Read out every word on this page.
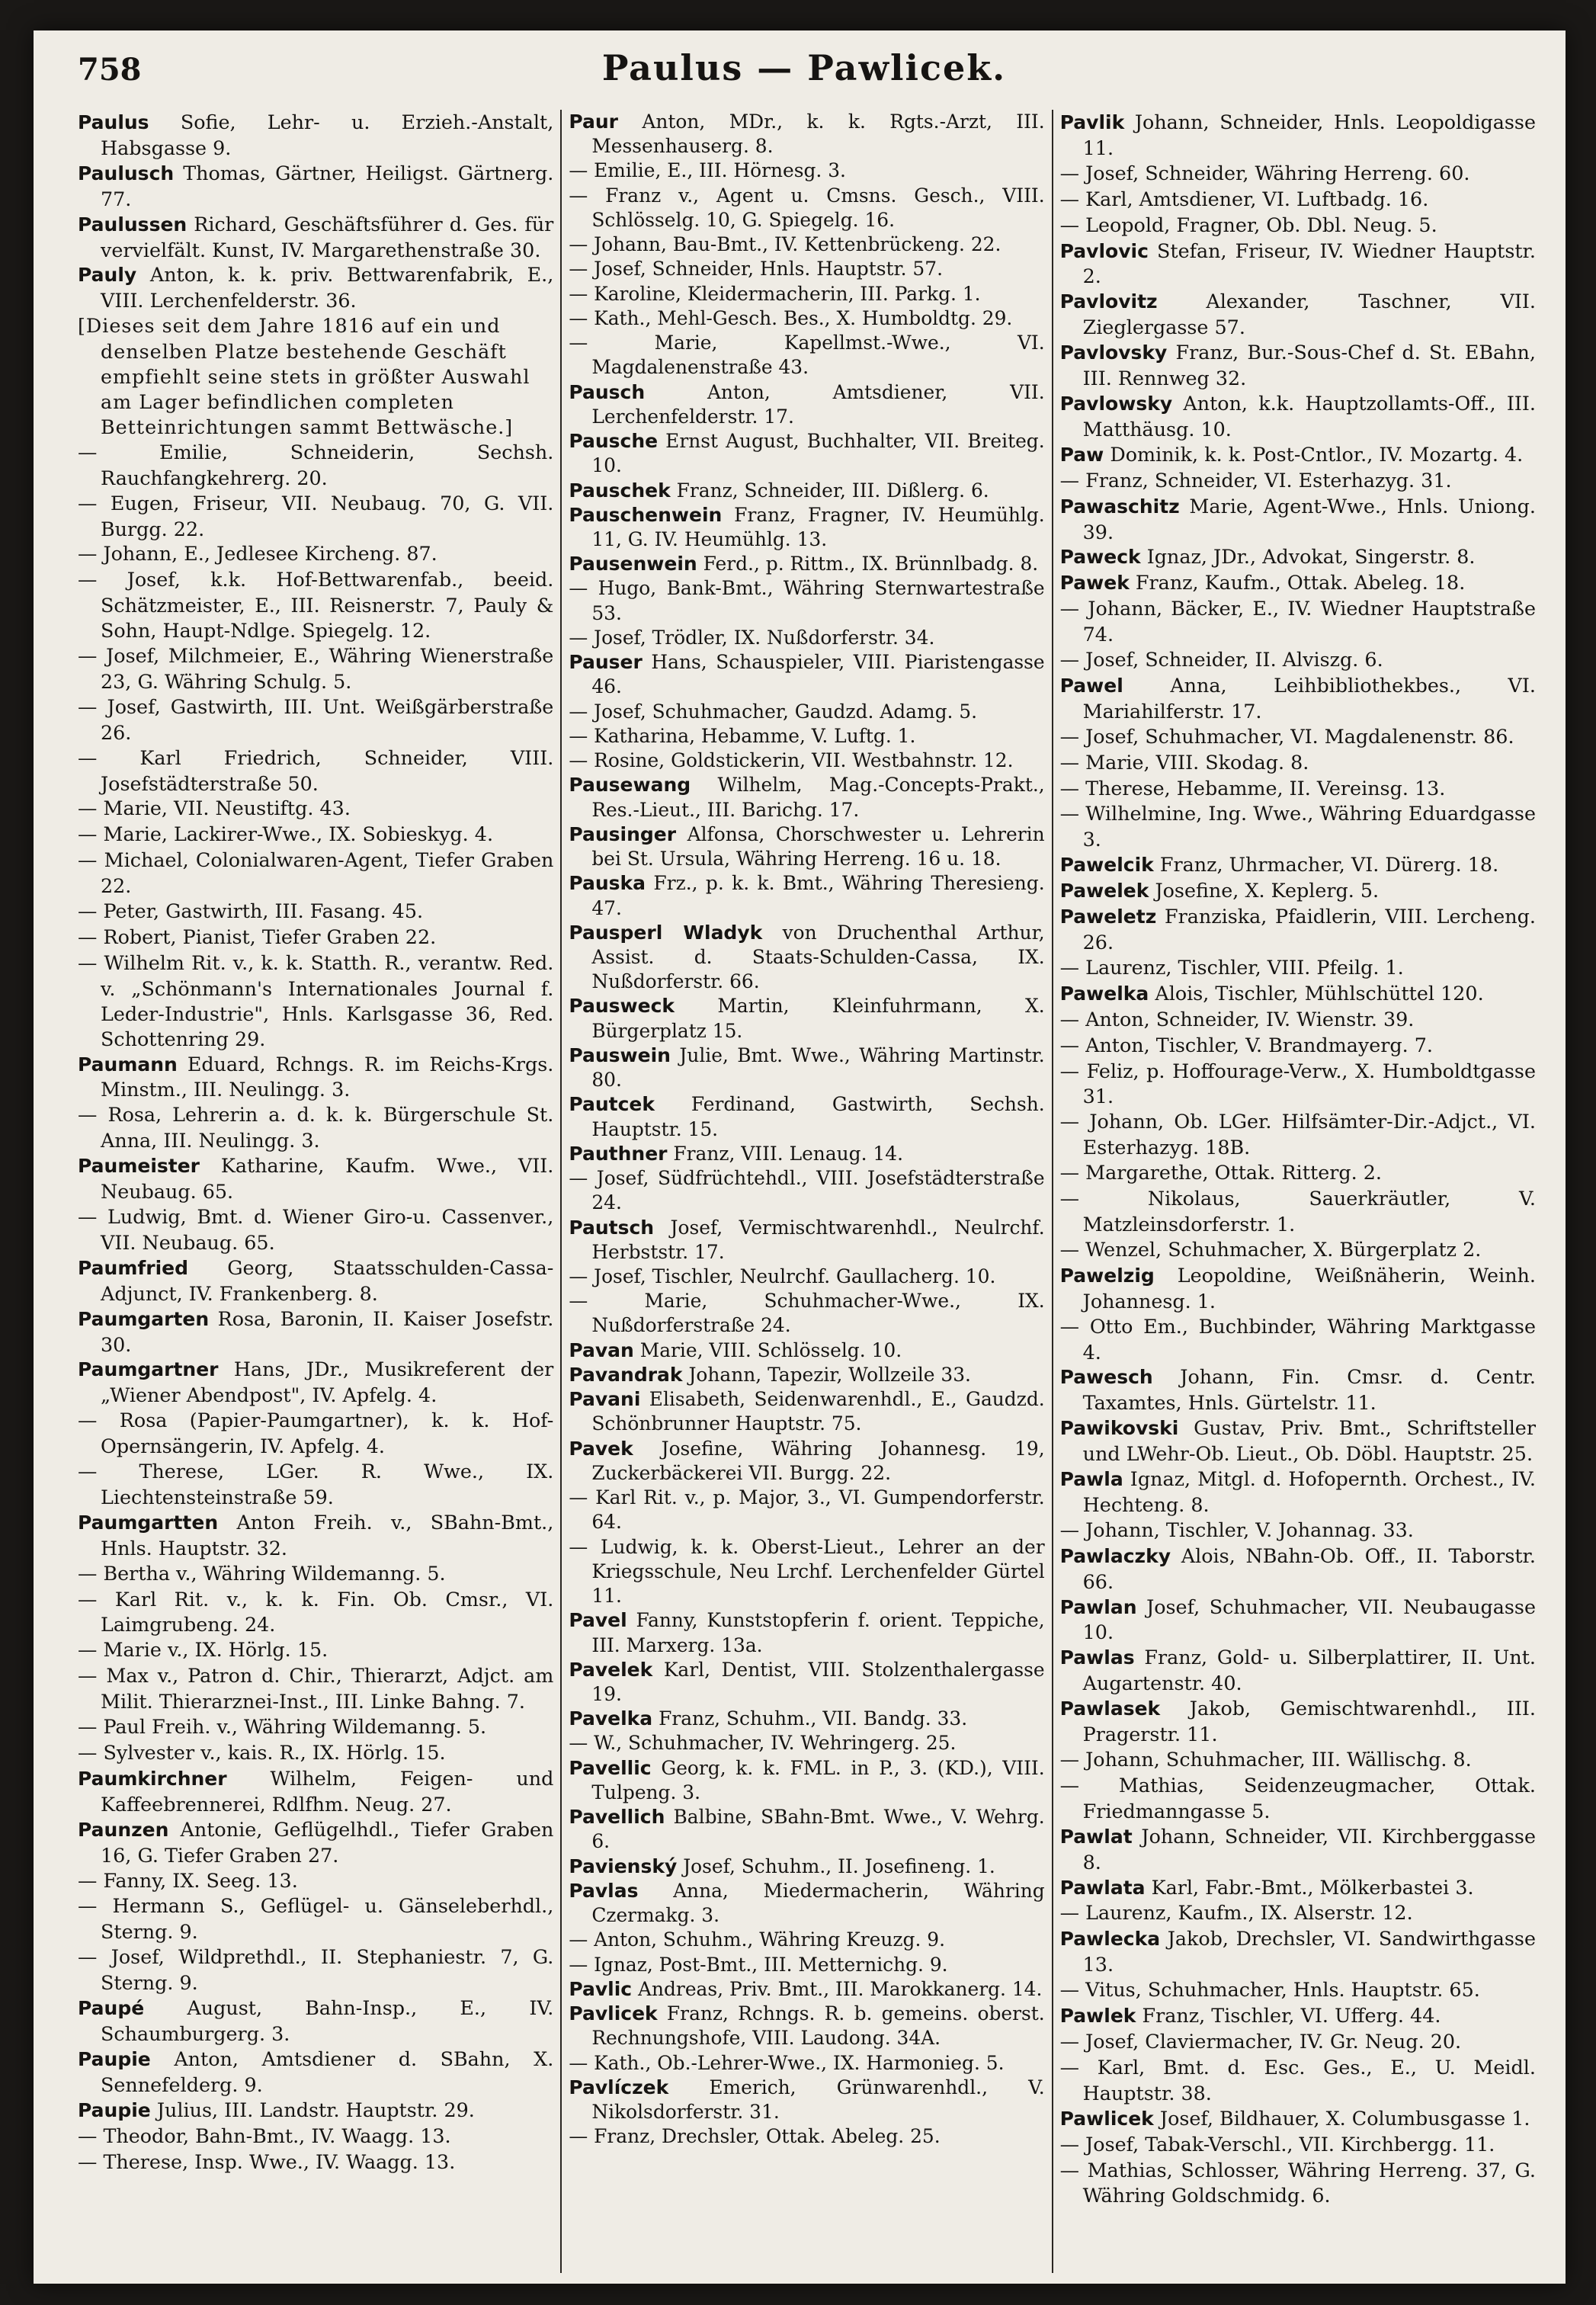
758	Paulus — Pawlicek.

Paulus Sofie, Lehr- u. Erzieh.-Anstalt, Habsgasse 9.

Paulusch Thomas, Gärtner, Heiligst. Gärtnerg. 77.

Paulussen Richard, Geschäftsführer d. Ges. für vervielfält. Kunst, IV. Margarethenstraße 30.

Pauly Anton, k. k. priv. Bettwarenfabrik, E., VIII. Lerchenfelderstr. 36.

[Dieses seit dem Jahre 1816 auf ein und denselben Platze bestehende Geschäft empfiehlt seine stets in größter Auswahl am Lager befindlichen completen Betteinrichtungen sammt Bettwäsche.]

— Emilie, Schneiderin, Sechsh. Rauchfangkehrerg. 20.

— Eugen, Friseur, VII. Neubaug. 70, G. VII. Burgg. 22.

— Johann, E., Jedlesee Kircheng. 87.

— Josef, k.k. Hof-Bettwarenfab., beeid. Schätzmeister, E., III. Reisnerstr. 7, Pauly & Sohn, Haupt-Ndlge. Spiegelg. 12.

— Josef, Milchmeier, E., Währing Wienerstraße 23, G. Währing Schulg. 5.

— Josef, Gastwirth, III. Unt. Weißgärberstraße 26.

— Karl Friedrich, Schneider, VIII. Josefstädterstraße 50.

— Marie, VII. Neustiftg. 43.

— Marie, Lackirer-Wwe., IX. Sobieskyg. 4.

— Michael, Colonialwaren-Agent, Tiefer Graben 22.

— Peter, Gastwirth, III. Fasang. 45.

— Robert, Pianist, Tiefer Graben 22.

— Wilhelm Rit. v., k. k. Statth. R., verantw. Red. v. „Schönmann's Internationales Journal f. Leder-Industrie", Hnls. Karlsgasse 36, Red. Schottenring 29.

Paumann Eduard, Rchngs. R. im Reichs-Krgs. Minstm., III. Neulingg. 3.

— Rosa, Lehrerin a. d. k. k. Bürgerschule St. Anna, III. Neulingg. 3.

Paumeister Katharine, Kaufm. Wwe., VII. Neubaug. 65.

— Ludwig, Bmt. d. Wiener Giro-u. Cassenver., VII. Neubaug. 65.

Paumfried Georg, Staatsschulden-Cassa-Adjunct, IV. Frankenberg. 8.

Paumgarten Rosa, Baronin, II. Kaiser Josefstr. 30.

Paumgartner Hans, JDr., Musikreferent der „Wiener Abendpost", IV. Apfelg. 4.

— Rosa (Papier-Paumgartner), k. k. Hof-Opernsängerin, IV. Apfelg. 4.

— Therese, LGer. R. Wwe., IX. Liechtensteinstraße 59.

Paumgartten Anton Freih. v., SBahn-Bmt., Hnls. Hauptstr. 32.

— Bertha v., Währing Wildemanng. 5.

— Karl Rit. v., k. k. Fin. Ob. Cmsr., VI. Laimgrubeng. 24.

— Marie v., IX. Hörlg. 15.

— Max v., Patron d. Chir., Thierarzt, Adjct. am Milit. Thierarznei-Inst., III. Linke Bahng. 7.

— Paul Freih. v., Währing Wildemanng. 5.

— Sylvester v., kais. R., IX. Hörlg. 15.

Paumkirchner Wilhelm, Feigen- und Kaffeebrennerei, Rdlfhm. Neug. 27.

Paunzen Antonie, Geflügelhdl., Tiefer Graben 16, G. Tiefer Graben 27.

— Fanny, IX. Seeg. 13.

— Hermann S., Geflügel- u. Gänseleberhdl., Sterng. 9.

— Josef, Wildprethdl., II. Stephaniestr. 7, G. Sterng. 9.

Paupé August, Bahn-Insp., E., IV. Schaumburgerg. 3.

Paupie Anton, Amtsdiener d. SBahn, X. Sennefelderg. 9.

Paupie Julius, III. Landstr. Hauptstr. 29.

— Theodor, Bahn-Bmt., IV. Waagg. 13.

— Therese, Insp. Wwe., IV. Waagg. 13.

Paur Anton, MDr., k. k. Rgts.-Arzt, III. Messenhauserg. 8.

— Emilie, E., III. Hörnesg. 3.

— Franz v., Agent u. Cmsns. Gesch., VIII. Schlösselg. 10, G. Spiegelg. 16.

— Johann, Bau-Bmt., IV. Kettenbrückeng. 22.

— Josef, Schneider, Hnls. Hauptstr. 57.

— Karoline, Kleidermacherin, III. Parkg. 1.

— Kath., Mehl-Gesch. Bes., X. Humboldtg. 29.

— Marie, Kapellmst.-Wwe., VI. Magdalenenstraße 43.

Pausch Anton, Amtsdiener, VII. Lerchenfelderstr. 17.

Pausche Ernst August, Buchhalter, VII. Breiteg. 10.

Pauschek Franz, Schneider, III. Dißlerg. 6.

Pauschenwein Franz, Fragner, IV. Heumühlg. 11, G. IV. Heumühlg. 13.

Pausenwein Ferd., p. Rittm., IX. Brünnlbadg. 8.

— Hugo, Bank-Bmt., Währing Sternwartestraße 53.

— Josef, Trödler, IX. Nußdorferstr. 34.

Pauser Hans, Schauspieler, VIII. Piaristengasse 46.

— Josef, Schuhmacher, Gaudzd. Adamg. 5.

— Katharina, Hebamme, V. Luftg. 1.

— Rosine, Goldstickerin, VII. Westbahnstr. 12.

Pausewang Wilhelm, Mag.-Concepts-Prakt., Res.-Lieut., III. Barichg. 17.

Pausinger Alfonsa, Chorschwester u. Lehrerin bei St. Ursula, Währing Herreng. 16 u. 18.

Pauska Frz., p. k. k. Bmt., Währing Theresieng. 47.

Pausperl Wladyk von Druchenthal Arthur, Assist. d. Staats-Schulden-Cassa, IX. Nußdorferstr. 66.

Pausweck Martin, Kleinfuhrmann, X. Bürgerplatz 15.

Pauswein Julie, Bmt. Wwe., Währing Martinstr. 80.

Pautcek Ferdinand, Gastwirth, Sechsh. Hauptstr. 15.

Pauthner Franz, VIII. Lenaug. 14.

— Josef, Südfrüchtehdl., VIII. Josefstädterstraße 24.

Pautsch Josef, Vermischtwarenhdl., Neulrchf. Herbststr. 17.

— Josef, Tischler, Neulrchf. Gaullacherg. 10.

— Marie, Schuhmacher-Wwe., IX. Nußdorferstraße 24.

Pavan Marie, VIII. Schlösselg. 10.

Pavandrak Johann, Tapezir, Wollzeile 33.

Pavani Elisabeth, Seidenwarenhdl., E., Gaudzd. Schönbrunner Hauptstr. 75.

Pavek Josefine, Währing Johannesg. 19, Zuckerbäckerei VII. Burgg. 22.

— Karl Rit. v., p. Major, 3., VI. Gumpendorferstr. 64.

— Ludwig, k. k. Oberst-Lieut., Lehrer an der Kriegsschule, Neu Lrchf. Lerchenfelder Gürtel 11.

Pavel Fanny, Kunststopferin f. orient. Teppiche, III. Marxerg. 13a.

Pavelek Karl, Dentist, VIII. Stolzenthalergasse 19.

Pavelka Franz, Schuhm., VII. Bandg. 33.

— W., Schuhmacher, IV. Wehringerg. 25.

Pavellic Georg, k. k. FML. in P., 3. (KD.), VIII. Tulpeng. 3.

Pavellich Balbine, SBahn-Bmt. Wwe., V. Wehrg. 6.

Pavienský Josef, Schuhm., II. Josefineng. 1.

Pavlas Anna, Miedermacherin, Währing Czermakg. 3.

— Anton, Schuhm., Währing Kreuzg. 9.

— Ignaz, Post-Bmt., III. Metternichg. 9.

Pavlic Andreas, Priv. Bmt., III. Marokkanerg. 14.

Pavlicek Franz, Rchngs. R. b. gemeins. oberst. Rechnungshofe, VIII. Laudong. 34A.

— Kath., Ob.-Lehrer-Wwe., IX. Harmonieg. 5.

Pavlíczek Emerich, Grünwarenhdl., V. Nikolsdorferstr. 31.

— Franz, Drechsler, Ottak. Abeleg. 25.

Pavlik Johann, Schneider, Hnls. Leopoldigasse 11.

— Josef, Schneider, Währing Herreng. 60.

— Karl, Amtsdiener, VI. Luftbadg. 16.

— Leopold, Fragner, Ob. Dbl. Neug. 5.

Pavlovic Stefan, Friseur, IV. Wiedner Hauptstr. 2.

Pavlovitz Alexander, Taschner, VII. Zieglergasse 57.

Pavlovsky Franz, Bur.-Sous-Chef d. St. EBahn, III. Rennweg 32.

Pavlowsky Anton, k.k. Hauptzollamts-Off., III. Matthäusg. 10.

Paw Dominik, k. k. Post-Cntlor., IV. Mozartg. 4.

— Franz, Schneider, VI. Esterhazyg. 31.

Pawaschitz Marie, Agent-Wwe., Hnls. Uniong. 39.

Paweck Ignaz, JDr., Advokat, Singerstr. 8.

Pawek Franz, Kaufm., Ottak. Abeleg. 18.

— Johann, Bäcker, E., IV. Wiedner Hauptstraße 74.

— Josef, Schneider, II. Alviszg. 6.

Pawel Anna, Leihbibliothekbes., VI. Mariahilferstr. 17.

— Josef, Schuhmacher, VI. Magdalenenstr. 86.

— Marie, VIII. Skodag. 8.

— Therese, Hebamme, II. Vereinsg. 13.

— Wilhelmine, Ing. Wwe., Währing Eduardgasse 3.

Pawelcik Franz, Uhrmacher, VI. Dürerg. 18.

Pawelek Josefine, X. Keplerg. 5.

Paweletz Franziska, Pfaidlerin, VIII. Lercheng. 26.

— Laurenz, Tischler, VIII. Pfeilg. 1.

Pawelka Alois, Tischler, Mühlschüttel 120.

— Anton, Schneider, IV. Wienstr. 39.

— Anton, Tischler, V. Brandmayerg. 7.

— Feliz, p. Hoffourage-Verw., X. Humboldtgasse 31.

— Johann, Ob. LGer. Hilfsämter-Dir.-Adjct., VI. Esterhazyg. 18B.

— Margarethe, Ottak. Ritterg. 2.

— Nikolaus, Sauerkräutler, V. Matzleinsdorferstr. 1.

— Wenzel, Schuhmacher, X. Bürgerplatz 2.

Pawelzig Leopoldine, Weißnäherin, Weinh. Johannesg. 1.

— Otto Em., Buchbinder, Währing Marktgasse 4.

Pawesch Johann, Fin. Cmsr. d. Centr. Taxamtes, Hnls. Gürtelstr. 11.

Pawikovski Gustav, Priv. Bmt., Schriftsteller und LWehr-Ob. Lieut., Ob. Döbl. Hauptstr. 25.

Pawla Ignaz, Mitgl. d. Hofopernth. Orchest., IV. Hechteng. 8.

— Johann, Tischler, V. Johannag. 33.

Pawlaczky Alois, NBahn-Ob. Off., II. Taborstr. 66.

Pawlan Josef, Schuhmacher, VII. Neubaugasse 10.

Pawlas Franz, Gold- u. Silberplattirer, II. Unt. Augartenstr. 40.

Pawlasek Jakob, Gemischtwarenhdl., III. Pragerstr. 11.

— Johann, Schuhmacher, III. Wällischg. 8.

— Mathias, Seidenzeugmacher, Ottak. Friedmanngasse 5.

Pawlat Johann, Schneider, VII. Kirchberggasse 8.

Pawlata Karl, Fabr.-Bmt., Mölkerbastei 3.

— Laurenz, Kaufm., IX. Alserstr. 12.

Pawlecka Jakob, Drechsler, VI. Sandwirthgasse 13.

— Vitus, Schuhmacher, Hnls. Hauptstr. 65.

Pawlek Franz, Tischler, VI. Ufferg. 44.

— Josef, Claviermacher, IV. Gr. Neug. 20.

— Karl, Bmt. d. Esc. Ges., E., U. Meidl. Hauptstr. 38.

Pawlicek Josef, Bildhauer, X. Columbusgasse 1.

— Josef, Tabak-Verschl., VII. Kirchbergg. 11.

— Mathias, Schlosser, Währing Herreng. 37, G. Währing Goldschmidg. 6.
